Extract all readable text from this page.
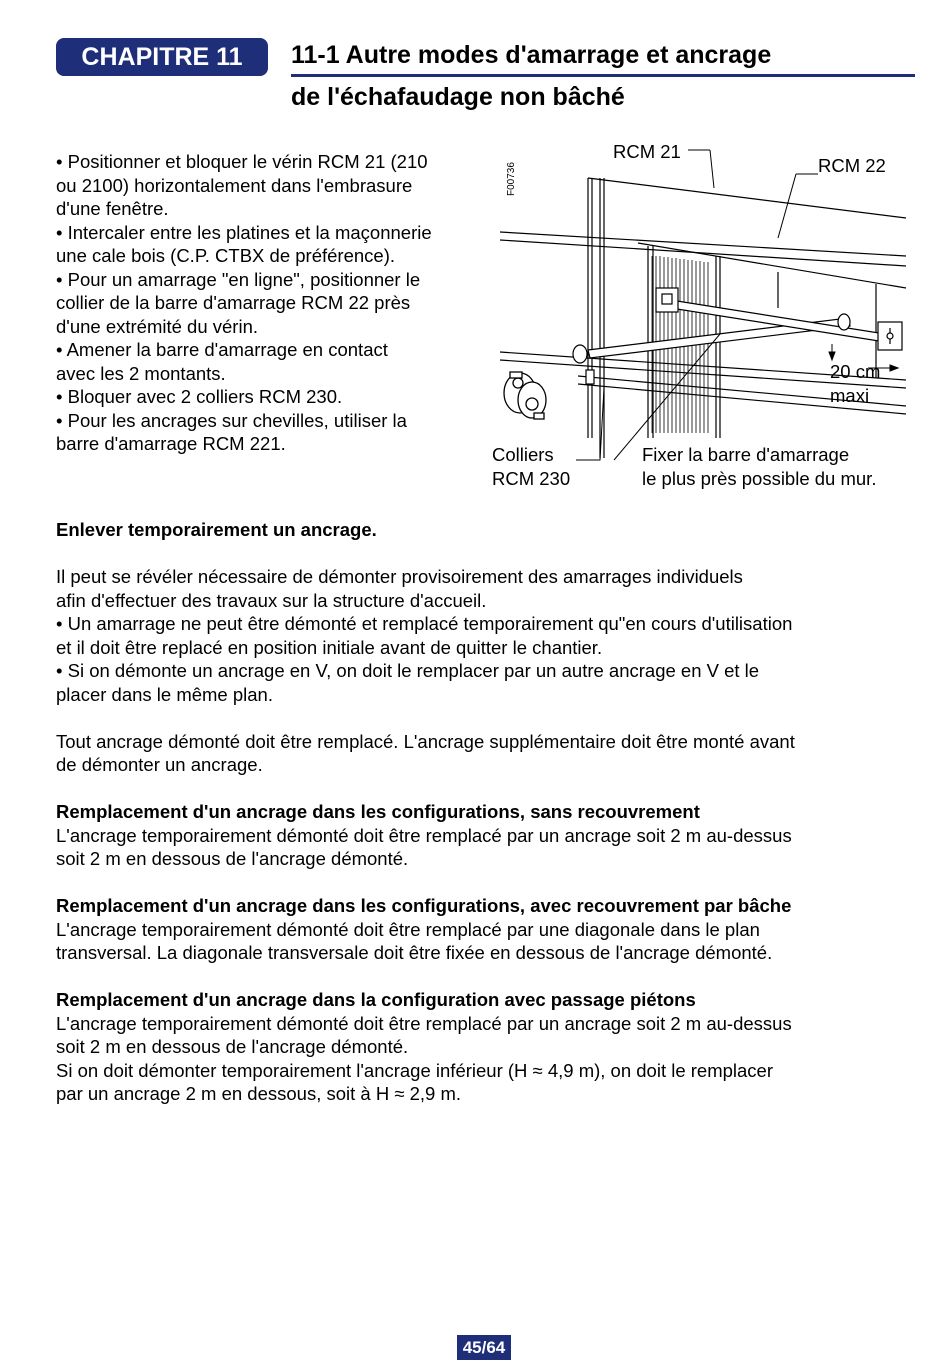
CHAPITRE 11	11-1 Autre modes d'amarrage et ancrage
de l'échafaudage non bâché

• Positionner et bloquer le vérin RCM 21 (210

ou 2100) horizontalement dans l'embrasure

d'une fenêtre.

• Intercaler entre les platines et la maçonnerie

une cale bois (C.P. CTBX de préférence).

• Pour un amarrage "en ligne", positionner le

collier de la barre d'amarrage RCM 22 près

d'une extrémité du vérin.

• Amener la barre d'amarrage en contact

avec les 2 montants.

• Bloquer avec 2 colliers RCM 230.

• Pour les ancrages sur chevilles, utiliser la

barre d'amarrage RCM 221.

F00736
RCM 21
RCM 22
20 cm
maxi
Colliers
RCM 230
Fixer la barre d'amarrage
le plus près possible du mur.

Enlever temporairement un ancrage.

Il peut se révéler nécessaire de démonter provisoirement des amarrages individuels

afin d'effectuer des travaux sur la structure d'accueil.

• Un amarrage ne peut être démonté et remplacé temporairement qu"en cours d'utilisation

et il doit être replacé en position initiale avant de quitter le chantier.

• Si on démonte un ancrage en V, on doit le remplacer par un autre ancrage en V et le

placer dans le même plan.

Tout ancrage démonté doit être remplacé. L'ancrage supplémentaire doit être monté avant

de démonter un ancrage.

Remplacement d'un ancrage dans les configurations, sans recouvrement

L'ancrage temporairement démonté doit être remplacé par un ancrage soit 2 m au-dessus

soit 2 m en dessous de l'ancrage démonté.

Remplacement d'un ancrage dans les configurations, avec recouvrement par bâche

L'ancrage temporairement démonté doit être remplacé par une diagonale dans le plan

transversal. La diagonale transversale doit être fixée en dessous de l'ancrage démonté.

Remplacement d'un ancrage dans la configuration avec passage piétons

L'ancrage temporairement démonté doit être remplacé par un ancrage soit 2 m au-dessus

soit 2 m en dessous de l'ancrage démonté.

Si on doit démonter temporairement l'ancrage inférieur (H ≈ 4,9 m), on doit le remplacer

par un ancrage 2 m en dessous, soit à H ≈ 2,9 m.

45/64
